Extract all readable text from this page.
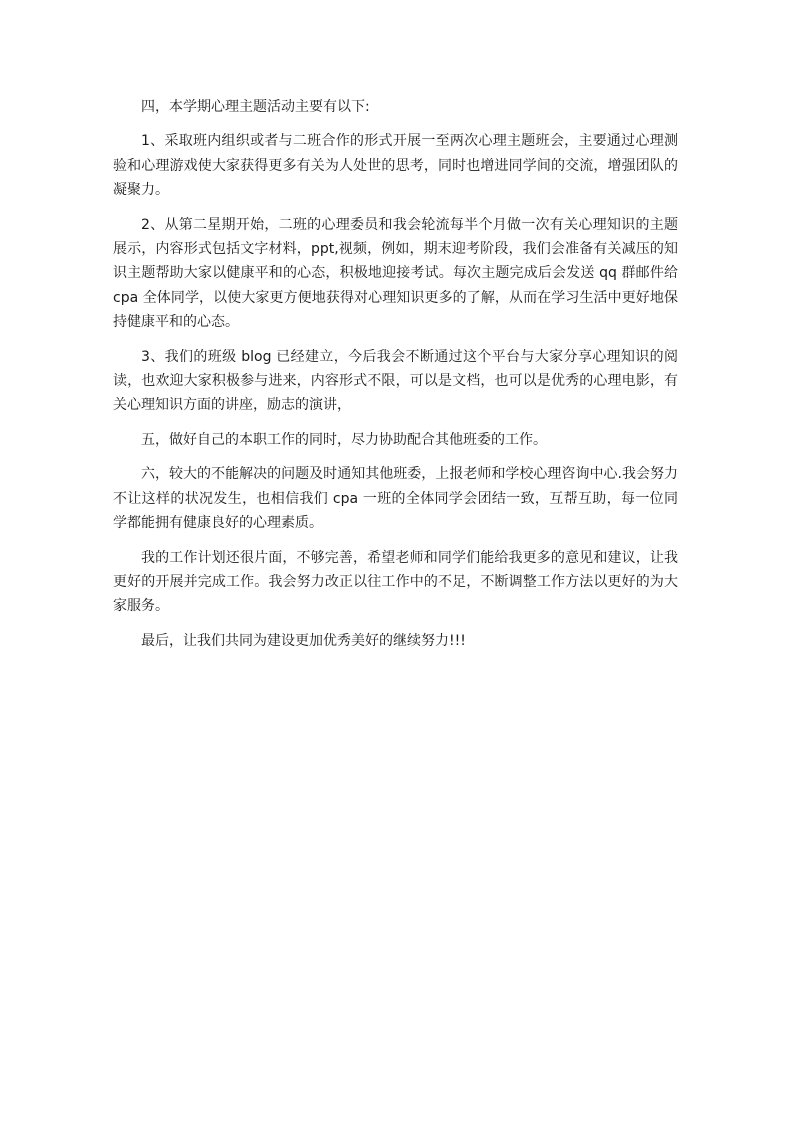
四，本学期心理主题活动主要有以下:

1、采取班内组织或者与二班合作的形式开展一至两次心理主题班会，主要通过心理测验和心理游戏使大家获得更多有关为人处世的思考，同时也增进同学间的交流，增强团队的凝聚力。

2、从第二星期开始，二班的心理委员和我会轮流每半个月做一次有关心理知识的主题展示，内容形式包括文字材料，ppt,视频，例如，期末迎考阶段，我们会准备有关减压的知识主题帮助大家以健康平和的心态，积极地迎接考试。每次主题完成后会发送 qq 群邮件给 cpa 全体同学，以使大家更方便地获得对心理知识更多的了解，从而在学习生活中更好地保持健康平和的心态。

3、我们的班级 blog 已经建立，今后我会不断通过这个平台与大家分享心理知识的阅读，也欢迎大家积极参与进来，内容形式不限，可以是文档，也可以是优秀的心理电影，有关心理知识方面的讲座，励志的演讲，

五，做好自己的本职工作的同时，尽力协助配合其他班委的工作。

六，较大的不能解决的问题及时通知其他班委，上报老师和学校心理咨询中心.我会努力不让这样的状况发生，也相信我们 cpa 一班的全体同学会团结一致，互帮互助，每一位同学都能拥有健康良好的心理素质。

我的工作计划还很片面，不够完善，希望老师和同学们能给我更多的意见和建议，让我更好的开展并完成工作。我会努力改正以往工作中的不足，不断调整工作方法以更好的为大家服务。

最后，让我们共同为建设更加优秀美好的继续努力!!!
